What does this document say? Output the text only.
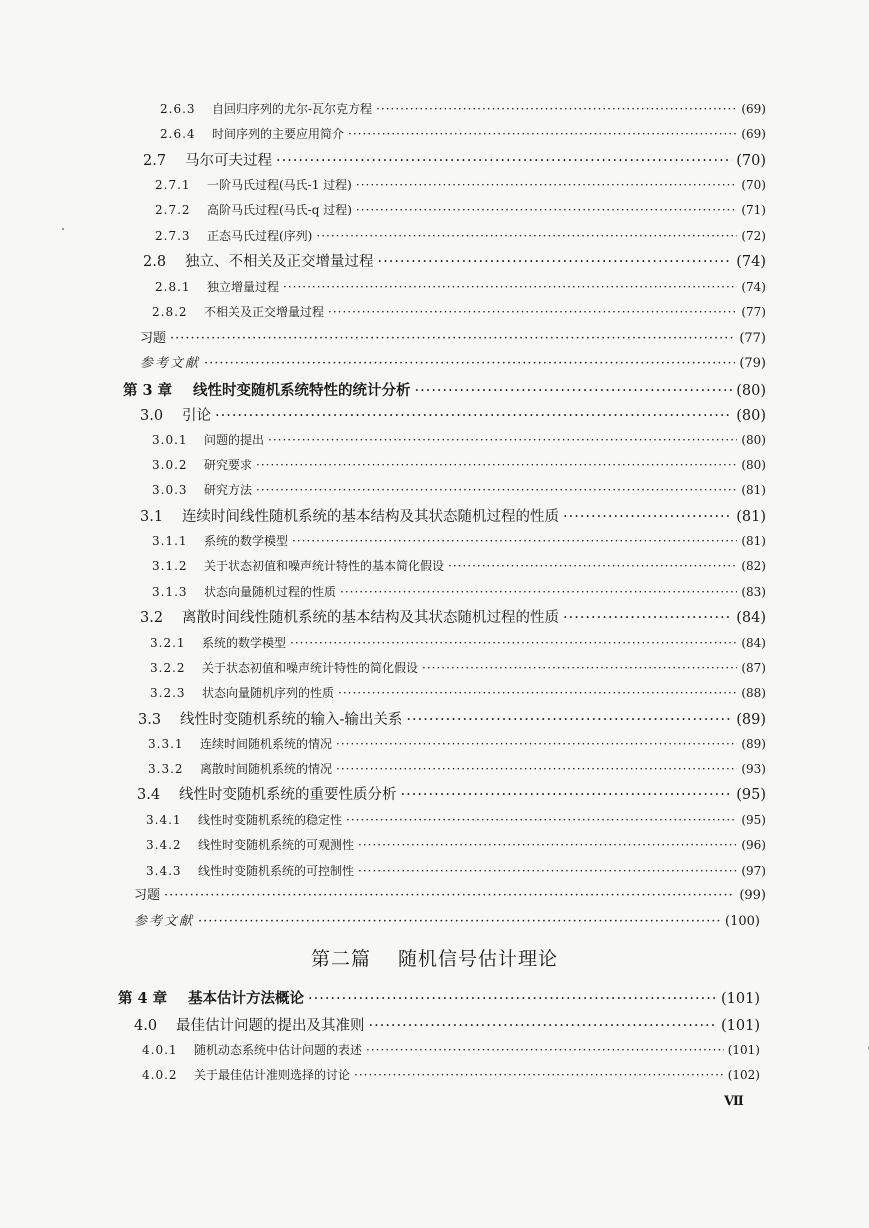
2.6.3	自回归序列的尤尔-瓦尔克方程 ·····	(69)
2.6.4	时间序列的主要应用简介 ·····	(69)
2.7	马尔可夫过程 ·····	(70)
2.7.1	一阶马氏过程(马氏-1 过程) ·····	(70)
2.7.2	高阶马氏过程(马氏-q 过程) ·····	(71)
2.7.3	正态马氏过程(序列) ·····	(72)
2.8	独立、不相关及正交增量过程 ·····	(74)
2.8.1	独立增量过程 ·····	(74)
2.8.2	不相关及正交增量过程 ·····	(77)
习题 ·····	(77)
参考文献 ·····	(79)
第 3 章	线性时变随机系统特性的统计分析 ·····	(80)
3.0	引论 ·····	(80)
3.0.1	问题的提出 ·····	(80)
3.0.2	研究要求 ·····	(80)
3.0.3	研究方法 ·····	(81)
3.1	连续时间线性随机系统的基本结构及其状态随机过程的性质 ·····	(81)
3.1.1	系统的数学模型 ·····	(81)
3.1.2	关于状态初值和噪声统计特性的基本简化假设 ·····	(82)
3.1.3	状态向量随机过程的性质 ·····	(83)
3.2	离散时间线性随机系统的基本结构及其状态随机过程的性质 ·····	(84)
3.2.1	系统的数学模型 ·····	(84)
3.2.2	关于状态初值和噪声统计特性的简化假设 ·····	(87)
3.2.3	状态向量随机序列的性质 ·····	(88)
3.3	线性时变随机系统的输入-输出关系 ·····	(89)
3.3.1	连续时间随机系统的情况 ·····	(89)
3.3.2	离散时间随机系统的情况 ·····	(93)
3.4	线性时变随机系统的重要性质分析 ·····	(95)
3.4.1	线性时变随机系统的稳定性 ·····	(95)
3.4.2	线性时变随机系统的可观测性 ·····	(96)
3.4.3	线性时变随机系统的可控制性 ·····	(97)
习题 ·····	(99)
参考文献 ·····	(100)
第二篇 随机信号估计理论
第 4 章	基本估计方法概论 ·····	(101)
4.0	最佳估计问题的提出及其准则 ·····	(101)
4.0.1	随机动态系统中估计问题的表述 ·····	(101)
4.0.2	关于最佳估计准则选择的讨论 ·····	(102)
Ⅶ
